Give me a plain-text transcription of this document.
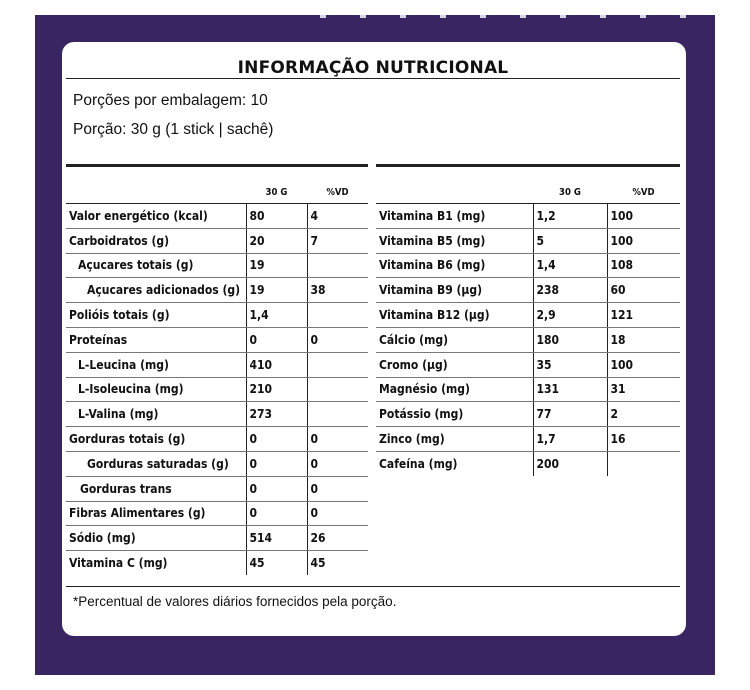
INFORMAÇÃO NUTRICIONAL
Porções por embalagem: 10
Porção: 30 g (1 stick | sachê)
	30 G	%VD
Valor energético (kcal)	80	4
Carboidratos (g)	20	7
Açucares totais (g)	19	
Açucares adicionados (g)	19	38
Polióis totais (g)	1,4	
Proteínas	0	0
L-Leucina (mg)	410	
L-Isoleucina (mg)	210	
L-Valina (mg)	273	
Gorduras totais (g)	0	0
Gorduras saturadas (g)	0	0
Gorduras trans	0	0
Fibras Alimentares (g)	0	0
Sódio (mg)	514	26
Vitamina C (mg)	45	45
	30 G	%VD
Vitamina B1 (mg)	1,2	100
Vitamina B5 (mg)	5	100
Vitamina B6 (mg)	1,4	108
Vitamina B9 (µg)	238	60
Vitamina B12 (µg)	2,9	121
Cálcio (mg)	180	18
Cromo (µg)	35	100
Magnésio (mg)	131	31
Potássio (mg)	77	2
Zinco (mg)	1,7	16
Cafeína (mg)	200	
*Percentual de valores diários fornecidos pela porção.
